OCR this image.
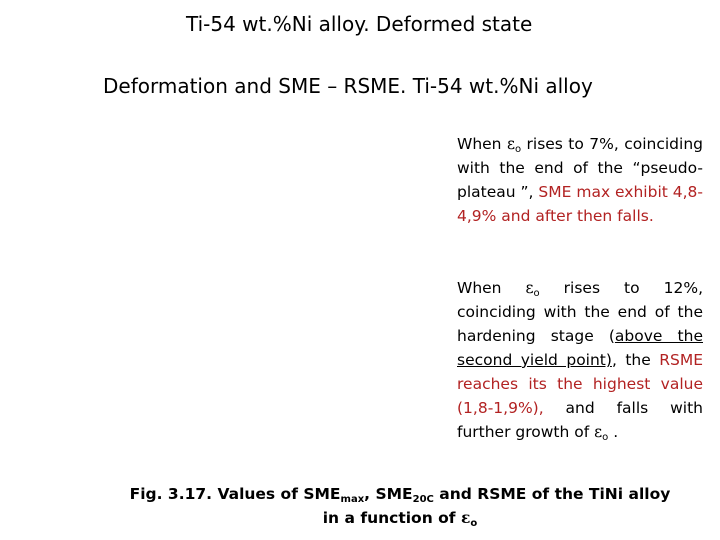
Ti-54 wt.%Ni alloy. Deformed state
Deformation and SME – RSME. Ti-54 wt.%Ni alloy
When $\varepsilon_o$ rises to 7%, coinciding with the end of the “pseudo- plateau ”, SME max exhibit 4,8-4,9% and after then falls.
When $\varepsilon_o$ rises to 12%, coinciding with the end of the hardening stage (above the second yield point), the RSME reaches its the highest value (1,8-1,9%), and falls with further growth of $\varepsilon_o$ .
Fig. 3.17. Values of $SME_{max}$, $SME_{20C}$ and RSME of the TiNi alloy
in a function of $\varepsilon_o$
